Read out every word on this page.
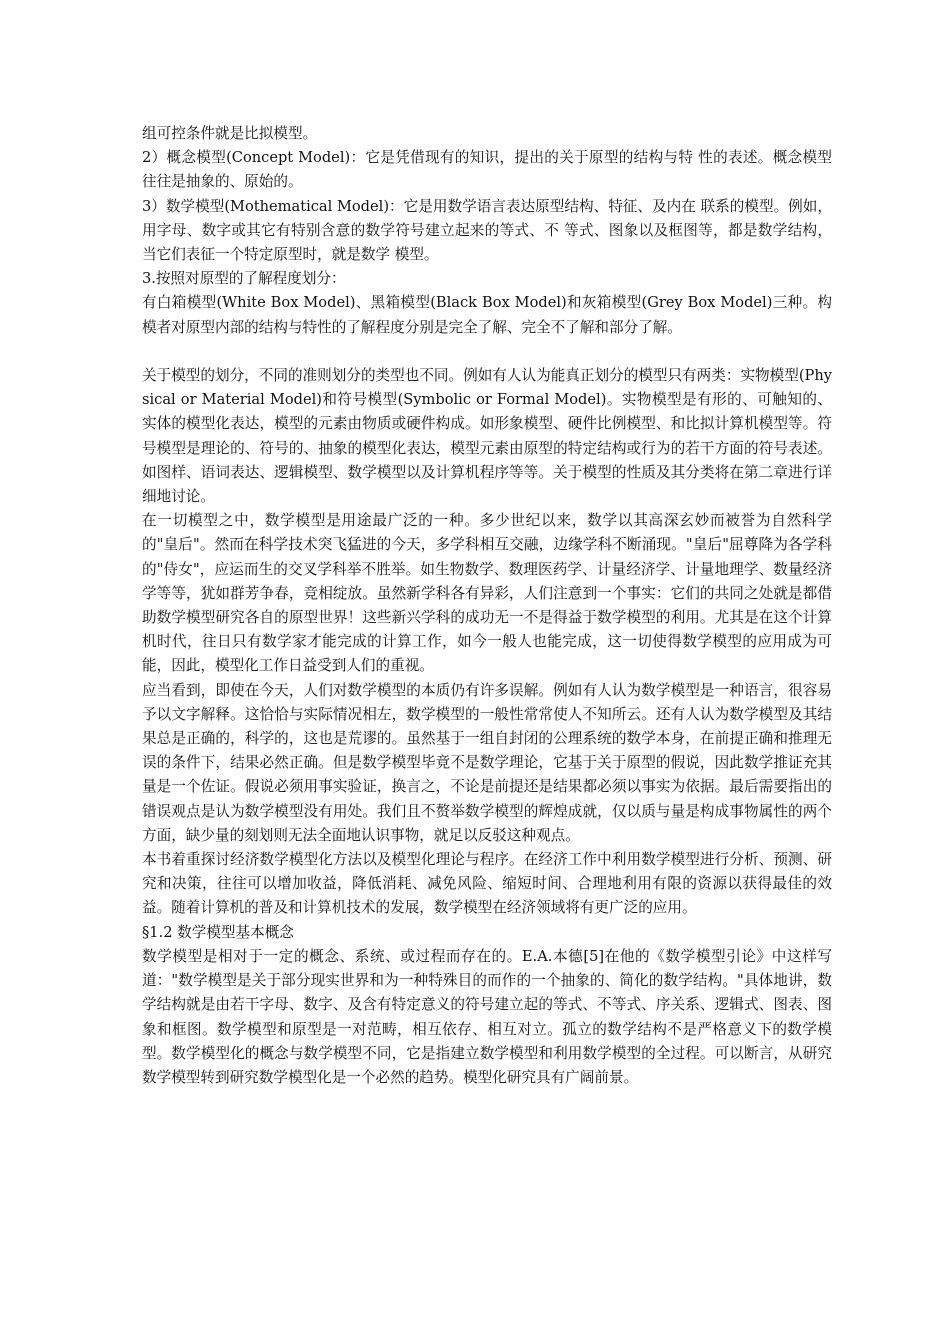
组可控条件就是比拟模型。

2）概念模型(Concept Model)：它是凭借现有的知识，提出的关于原型的结构与特 性的表述。概念模型往往是抽象的、原始的。

3）数学模型(Mothematical Model)：它是用数学语言表达原型结构、特征、及内在 联系的模型。例如，用字母、数字或其它有特别含意的数学符号建立起来的等式、不 等式、图象以及框图等，都是数学结构，当它们表征一个特定原型时，就是数学 模型。

3.按照对原型的了解程度划分：

有白箱模型(White Box Model)、黑箱模型(Black Box Model)和灰箱模型(Grey Box Model)三种。构模者对原型内部的结构与特性的了解程度分别是完全了解、完全不了解和部分了解。

关于模型的划分，不同的准则划分的类型也不同。例如有人认为能真正划分的模型只有两类：实物模型(Physical or Material Model)和符号模型(Symbolic or Formal Model)。实物模型是有形的、可触知的、实体的模型化表达，模型的元素由物质或硬件构成。如形象模型、硬件比例模型、和比拟计算机模型等。符号模型是理论的、符号的、抽象的模型化表达，模型元素由原型的特定结构或行为的若干方面的符号表述。如图样、语词表达、逻辑模型、数学模型以及计算机程序等等。关于模型的性质及其分类将在第二章进行详细地讨论。

在一切模型之中，数学模型是用途最广泛的一种。多少世纪以来，数学以其高深玄妙而被誉为自然科学的"皇后"。然而在科学技术突飞猛进的今天，多学科相互交融，边缘学科不断涌现。"皇后"屈尊降为各学科的"侍女"，应运而生的交叉学科举不胜举。如生物数学、数理医药学、计量经济学、计量地理学、数量经济学等等，犹如群芳争春，竞相绽放。虽然新学科各有异彩，人们注意到一个事实：它们的共同之处就是都借助数学模型研究各自的原型世界！这些新兴学科的成功无一不是得益于数学模型的利用。尤其是在这个计算机时代，往日只有数学家才能完成的计算工作，如今一般人也能完成，这一切使得数学模型的应用成为可能，因此，模型化工作日益受到人们的重视。

应当看到，即使在今天，人们对数学模型的本质仍有许多误解。例如有人认为数学模型是一种语言，很容易予以文字解释。这恰恰与实际情况相左，数学模型的一般性常常使人不知所云。还有人认为数学模型及其结果总是正确的，科学的，这也是荒谬的。虽然基于一组自封闭的公理系统的数学本身，在前提正确和推理无误的条件下，结果必然正确。但是数学模型毕竟不是数学理论，它基于关于原型的假说，因此数学推证充其量是一个佐证。假说必须用事实验证，换言之，不论是前提还是结果都必须以事实为依据。最后需要指出的错误观点是认为数学模型没有用处。我们且不赘举数学模型的辉煌成就，仅以质与量是构成事物属性的两个方面，缺少量的刻划则无法全面地认识事物，就足以反驳这种观点。

本书着重探讨经济数学模型化方法以及模型化理论与程序。在经济工作中利用数学模型进行分析、预测、研究和决策，往往可以增加收益，降低消耗、减免风险、缩短时间、合理地利用有限的资源以获得最佳的效益。随着计算机的普及和计算机技术的发展，数学模型在经济领域将有更广泛的应用。

§1.2 数学模型基本概念

数学模型是相对于一定的概念、系统、或过程而存在的。E.A.本德[5]在他的《数学模型引论》中这样写道："数学模型是关于部分现实世界和为一种特殊目的而作的一个抽象的、简化的数学结构。"具体地讲，数学结构就是由若干字母、数字、及含有特定意义的符号建立起的等式、不等式、序关系、逻辑式、图表、图象和框图。数学模型和原型是一对范畴，相互依存、相互对立。孤立的数学结构不是严格意义下的数学模型。数学模型化的概念与数学模型不同，它是指建立数学模型和利用数学模型的全过程。可以断言，从研究数学模型转到研究数学模型化是一个必然的趋势。模型化研究具有广阔前景。
